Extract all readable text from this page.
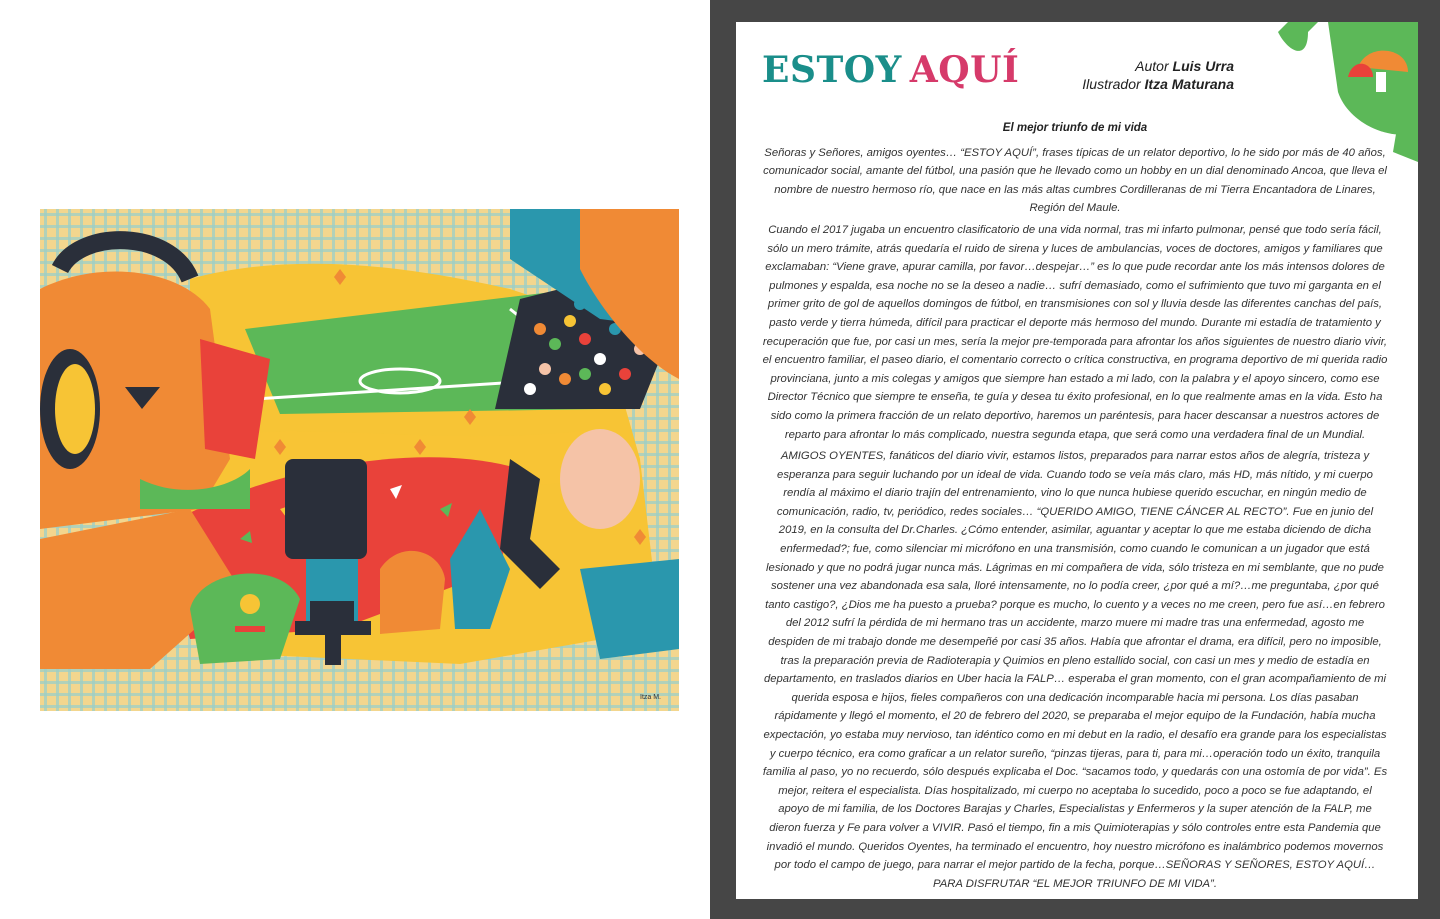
Itza M.
ESTOY AQUÍ	Autor Luis Urra
Ilustrador Itza Maturana

El mejor triunfo de mi vida

Señoras y Señores, amigos oyentes… “ESTOY AQUÍ”, frases típicas de un relator deportivo, lo he sido por más de 40 años, comunicador social, amante del fútbol, una pasión que he llevado como un hobby en un dial denominado Ancoa, que lleva el nombre de nuestro hermoso río, que nace en las más altas cumbres Cordilleranas de mi Tierra Encantadora de Linares, Región del Maule.

Cuando el 2017 jugaba un encuentro clasificatorio de una vida normal, tras mi infarto pulmonar, pensé que todo sería fácil, sólo un mero trámite, atrás quedaría el ruido de sirena y luces de ambulancias, voces de doctores, amigos y familiares que exclamaban: “Viene grave, apurar camilla, por favor…despejar…” es lo que pude recordar ante los más intensos dolores de pulmones y espalda, esa noche no se la deseo a nadie… sufrí demasiado, como el sufrimiento que tuvo mi garganta en el primer grito de gol de aquellos domingos de fútbol, en transmisiones con sol y lluvia desde las diferentes canchas del país, pasto verde y tierra húmeda, difícil para practicar el deporte más hermoso del mundo. Durante mi estadía de tratamiento y recuperación que fue, por casi un mes, sería la mejor pre-temporada para afrontar los años siguientes de nuestro diario vivir, el encuentro familiar, el paseo diario, el comentario correcto o crítica constructiva, en programa deportivo de mi querida radio provinciana, junto a mis colegas y amigos que siempre han estado a mi lado, con la palabra y el apoyo sincero, como ese Director Técnico que siempre te enseña, te guía y desea tu éxito profesional, en lo que realmente amas en la vida. Esto ha sido como la primera fracción de un relato deportivo, haremos un paréntesis, para hacer descansar a nuestros actores de reparto para afrontar lo más complicado, nuestra segunda etapa, que será como una verdadera final de un Mundial.

AMIGOS OYENTES, fanáticos del diario vivir, estamos listos, preparados para narrar estos años de alegría, tristeza y esperanza para seguir luchando por un ideal de vida. Cuando todo se veía más claro, más HD, más nítido, y mi cuerpo rendía al máximo el diario trajín del entrenamiento, vino lo que nunca hubiese querido escuchar, en ningún medio de comunicación, radio, tv, periódico, redes sociales… “QUERIDO AMIGO, TIENE CÁNCER AL RECTO”. Fue en junio del 2019, en la consulta del Dr.Charles. ¿Cómo entender, asimilar, aguantar y aceptar lo que me estaba diciendo de dicha enfermedad?; fue, como silenciar mi micrófono en una transmisión, como cuando le comunican a un jugador que está lesionado y que no podrá jugar nunca más. Lágrimas en mi compañera de vida, sólo tristeza en mi semblante, que no pude sostener una vez abandonada esa sala, lloré intensamente, no lo podía creer, ¿por qué a mí?…me preguntaba, ¿por qué tanto castigo?, ¿Dios me ha puesto a prueba? porque es mucho, lo cuento y a veces no me creen, pero fue así…en febrero del 2012 sufrí la pérdida de mi hermano tras un accidente, marzo muere mi madre tras una enfermedad, agosto me despiden de mi trabajo donde me desempeñé por casi 35 años. Había que afrontar el drama, era difícil, pero no imposible, tras la preparación previa de Radioterapia y Quimios en pleno estallido social, con casi un mes y medio de estadía en departamento, en traslados diarios en Uber hacia la FALP… esperaba el gran momento, con el gran acompañamiento de mi querida esposa e hijos, fieles compañeros con una dedicación incomparable hacia mi persona. Los días pasaban rápidamente y llegó el momento, el 20 de febrero del 2020, se preparaba el mejor equipo de la Fundación, había mucha expectación, yo estaba muy nervioso, tan idéntico como en mi debut en la radio, el desafío era grande para los especialistas y cuerpo técnico, era como graficar a un relator sureño, “pinzas tijeras, para ti, para mi…operación todo un éxito, tranquila familia al paso, yo no recuerdo, sólo después explicaba el Doc. “sacamos todo, y quedarás con una ostomía de por vida”. Es mejor, reitera el especialista. Días hospitalizado, mi cuerpo no aceptaba lo sucedido, poco a poco se fue adaptando, el apoyo de mi familia, de los Doctores Barajas y Charles, Especialistas y Enfermeros y la super atención de la FALP, me dieron fuerza y Fe para volver a VIVIR. Pasó el tiempo, fin a mis Quimioterapias y sólo controles entre esta Pandemia que invadió el mundo. Queridos Oyentes, ha terminado el encuentro, hoy nuestro micrófono es inalámbrico podemos movernos por todo el campo de juego, para narrar el mejor partido de la fecha, porque…SEÑORAS Y SEÑORES, ESTOY AQUÍ…PARA DISFRUTAR “EL MEJOR TRIUNFO DE MI VIDA”.
